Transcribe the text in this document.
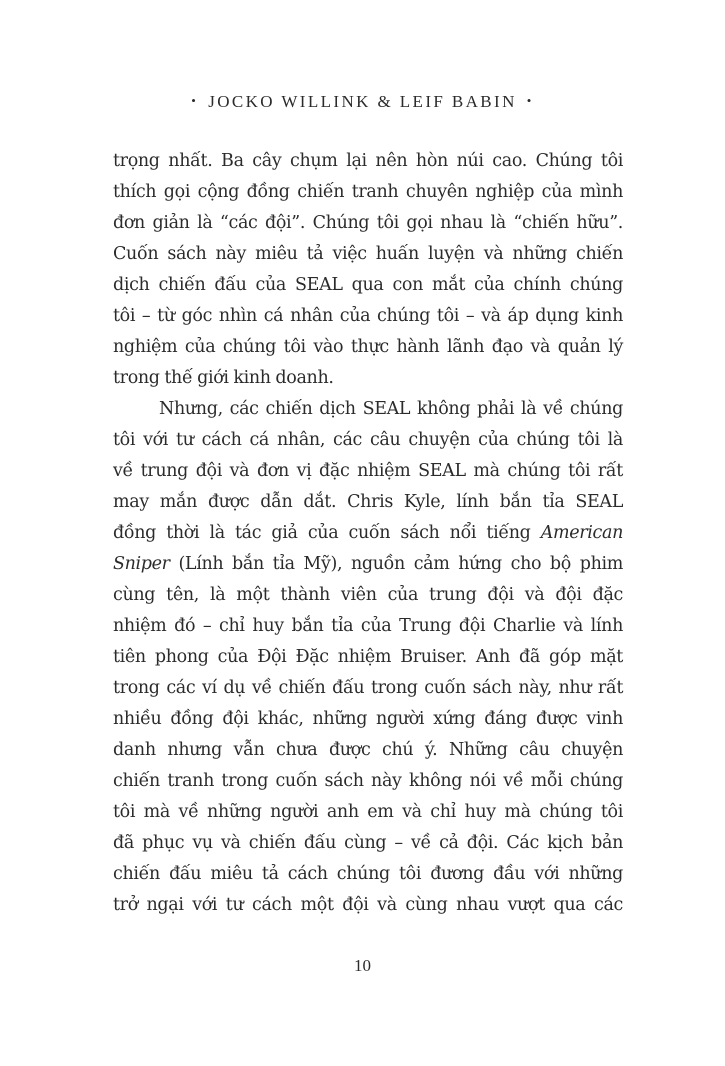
• JOCKO WILLINK & LEIF BABIN •
trọng nhất. Ba cây chụm lại nên hòn núi cao. Chúng tôi
thích gọi cộng đồng chiến tranh chuyên nghiệp của mình
đơn giản là “các đội”. Chúng tôi gọi nhau là “chiến hữu”.
Cuốn sách này miêu tả việc huấn luyện và những chiến
dịch chiến đấu của SEAL qua con mắt của chính chúng
tôi – từ góc nhìn cá nhân của chúng tôi – và áp dụng kinh
nghiệm của chúng tôi vào thực hành lãnh đạo và quản lý
trong thế giới kinh doanh.
Nhưng, các chiến dịch SEAL không phải là về chúng
tôi với tư cách cá nhân, các câu chuyện của chúng tôi là
về trung đội và đơn vị đặc nhiệm SEAL mà chúng tôi rất
may mắn được dẫn dắt. Chris Kyle, lính bắn tỉa SEAL
đồng thời là tác giả của cuốn sách nổi tiếng American
Sniper (Lính bắn tỉa Mỹ), nguồn cảm hứng cho bộ phim
cùng tên, là một thành viên của trung đội và đội đặc
nhiệm đó – chỉ huy bắn tỉa của Trung đội Charlie và lính
tiên phong của Đội Đặc nhiệm Bruiser. Anh đã góp mặt
trong các ví dụ về chiến đấu trong cuốn sách này, như rất
nhiều đồng đội khác, những người xứng đáng được vinh
danh nhưng vẫn chưa được chú ý. Những câu chuyện
chiến tranh trong cuốn sách này không nói về mỗi chúng
tôi mà về những người anh em và chỉ huy mà chúng tôi
đã phục vụ và chiến đấu cùng – về cả đội. Các kịch bản
chiến đấu miêu tả cách chúng tôi đương đầu với những
trở ngại với tư cách một đội và cùng nhau vượt qua các
10
